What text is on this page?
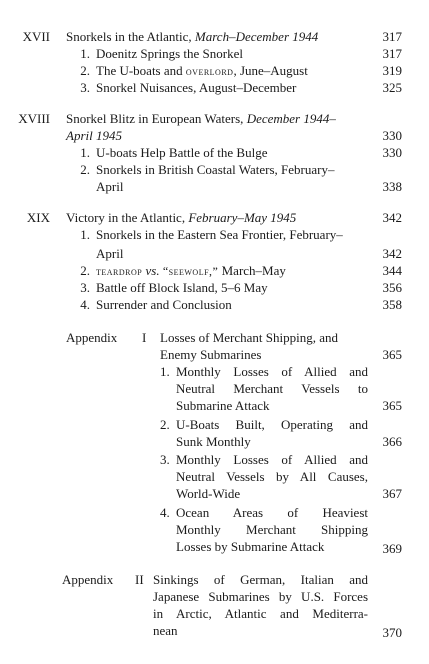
XVII Snorkels in the Atlantic, March–December 1944	317
1. Doenitz Springs the Snorkel	317
2. The U-boats and overlord, June–August	319
3. Snorkel Nuisances, August–December	325
XVIII Snorkel Blitz in European Waters, December 1944–
April 1945	330
1. U-boats Help Battle of the Bulge	330
2. Snorkels in British Coastal Waters, February–
April	338
XIX Victory in the Atlantic, February–May 1945	342
1. Snorkels in the Eastern Sea Frontier, February–
April	342
2. teardrop vs. “seewolf,” March–May	344
3. Battle off Block Island, 5–6 May	356
4. Surrender and Conclusion	358
Appendix I Losses of Merchant Shipping, and
Enemy Submarines	365
1. Monthly Losses of Allied and
Neutral Merchant Vessels to
Submarine Attack	365
2. U-Boats Built, Operating and
Sunk Monthly	366
3. Monthly Losses of Allied and
Neutral Vessels by All Causes,
World-Wide	367
4. Ocean Areas of Heaviest
Monthly Merchant Shipping
Losses by Submarine Attack	369
Appendix II Sinkings of German, Italian and
Japanese Submarines by U.S. Forces
in Arctic, Atlantic and Mediterra-
nean	370
